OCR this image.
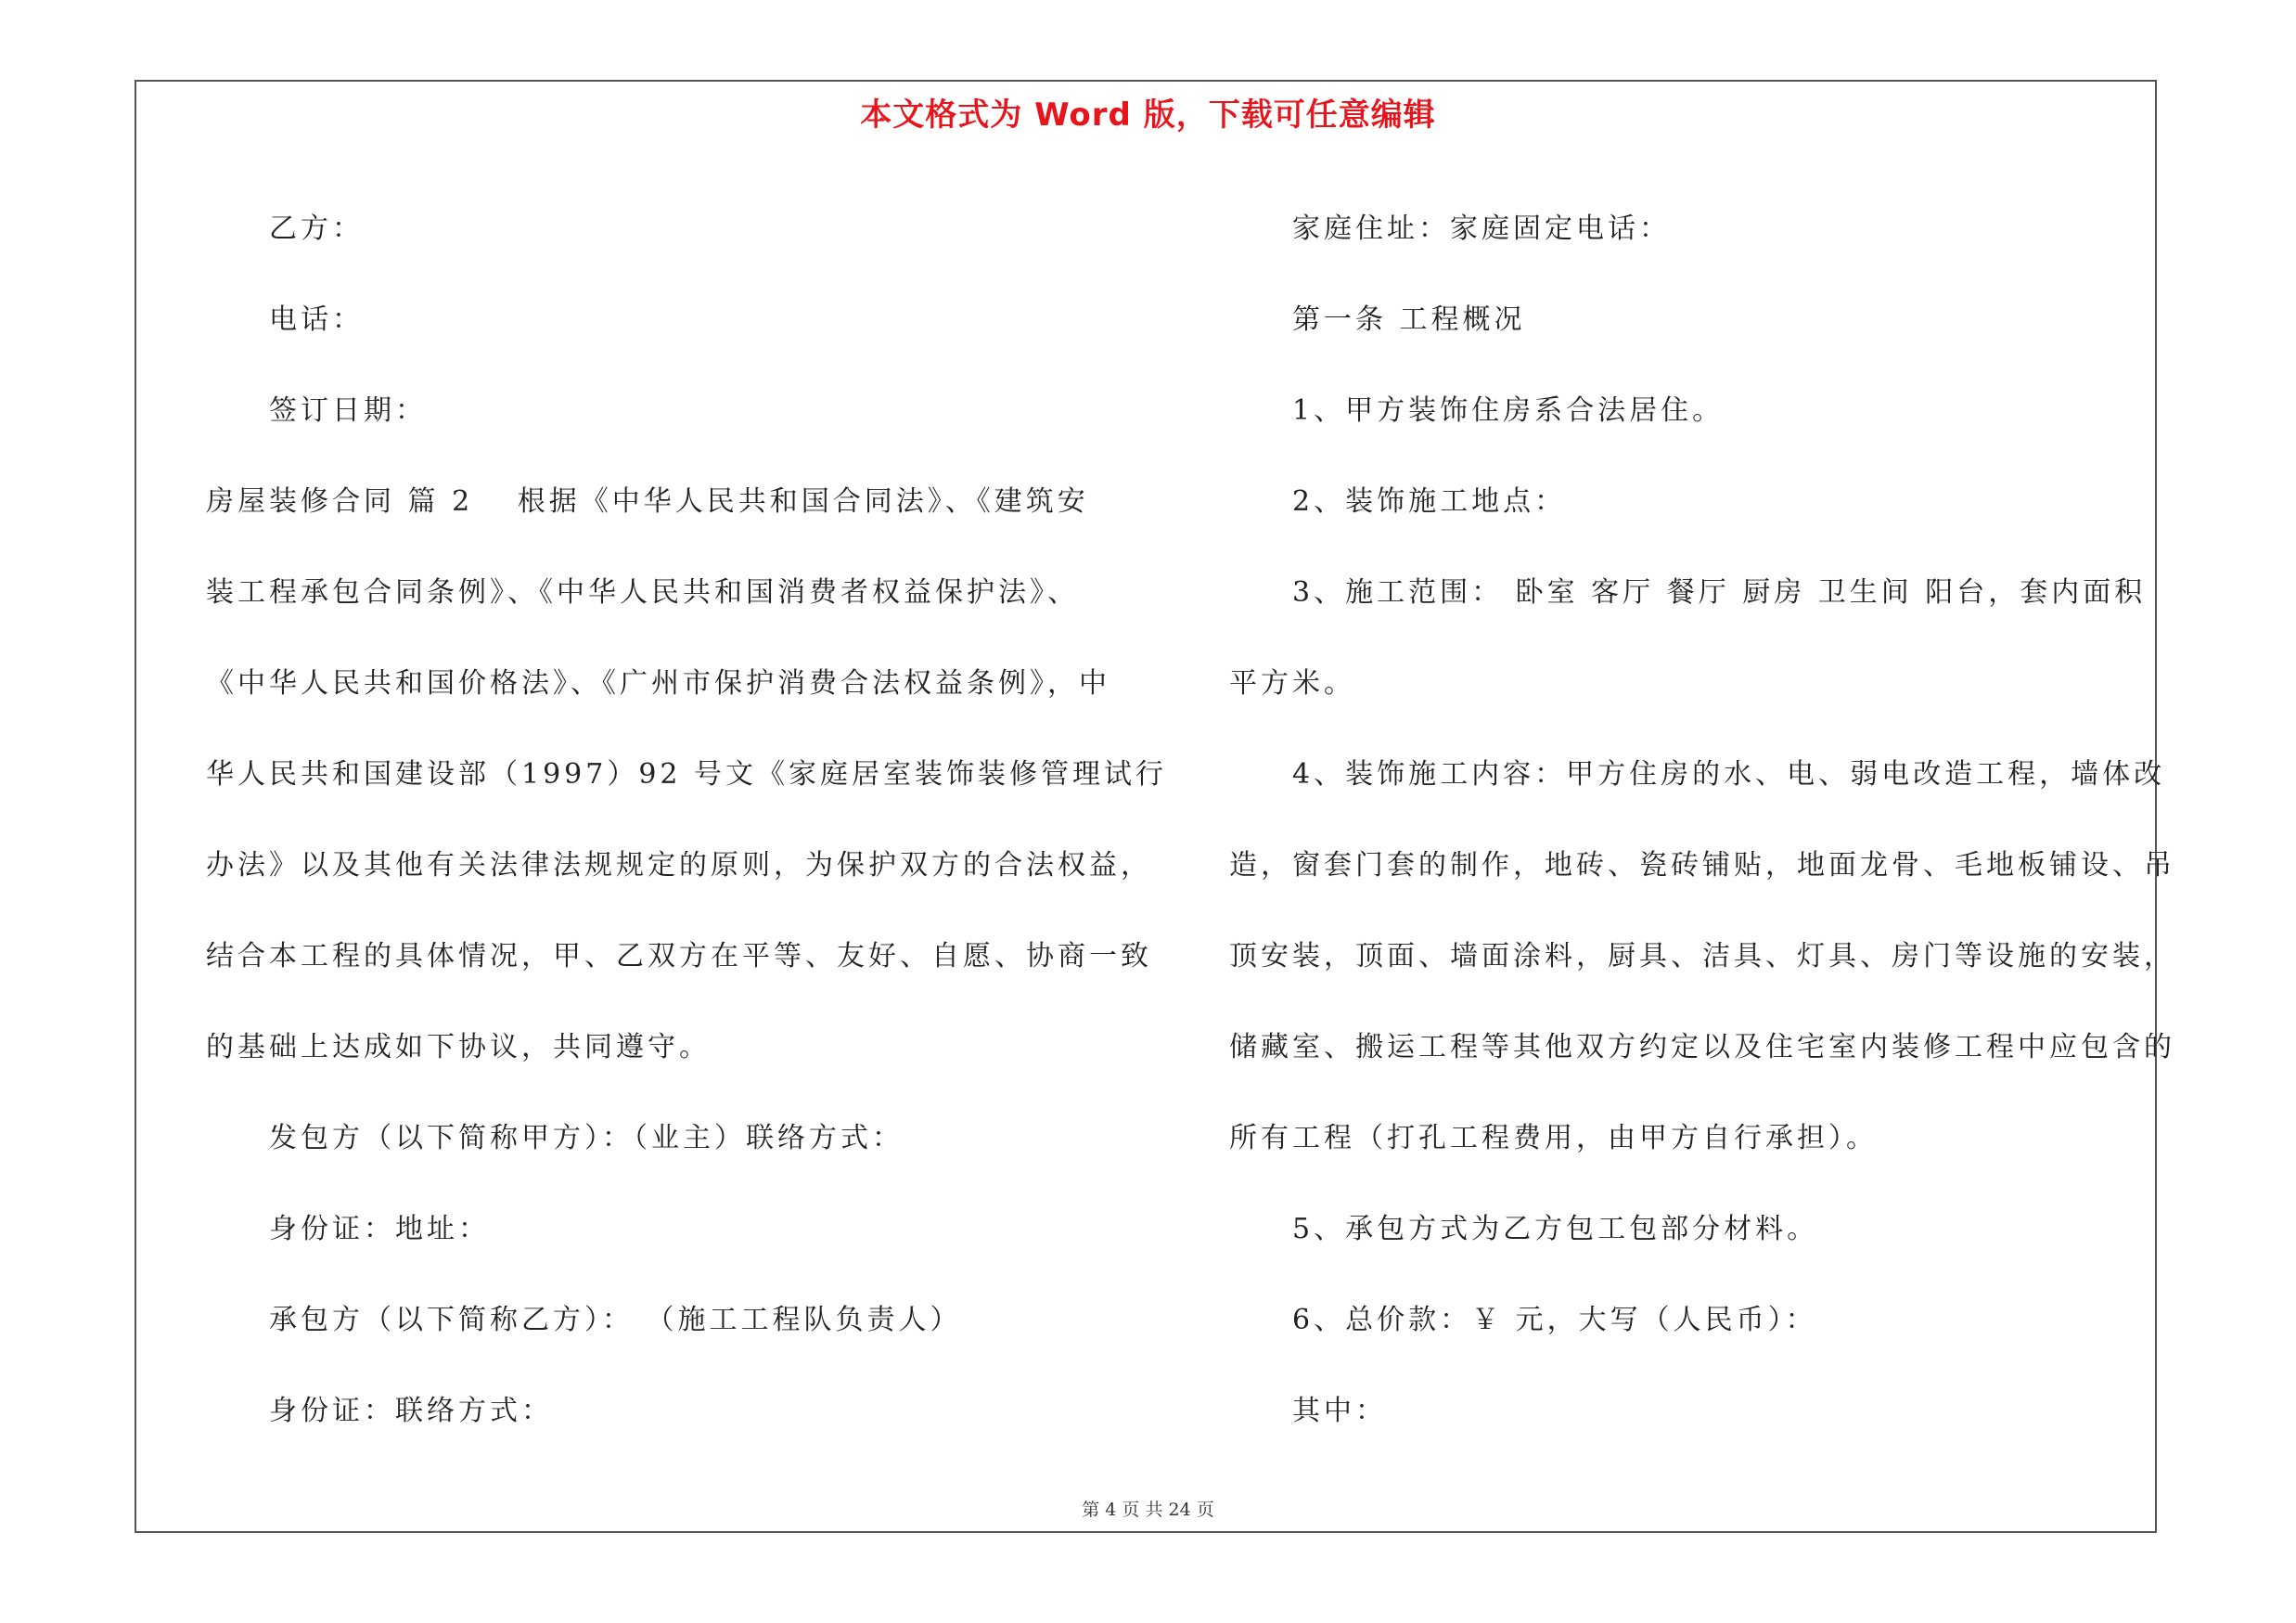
本文格式为 Word 版，下载可任意编辑
乙方：
电话：
签订日期：
房屋装修合同 篇 2 　根据《中华人民共和国合同法》、《建筑安
装工程承包合同条例》、《中华人民共和国消费者权益保护法》、
《中华人民共和国价格法》、《广州市保护消费合法权益条例》，中
华人民共和国建设部（1997）92 号文《家庭居室装饰装修管理试行
办法》以及其他有关法律法规规定的原则，为保护双方的合法权益，
结合本工程的具体情况，甲、乙双方在平等、友好、自愿、协商一致
的基础上达成如下协议，共同遵守。
发包方（以下简称甲方）：（业主）联络方式：
身份证：地址：
承包方（以下简称乙方）： （施工工程队负责人）
身份证：联络方式：
家庭住址：家庭固定电话：
第一条 工程概况
1、甲方装饰住房系合法居住。
2、装饰施工地点：
3、施工范围： 卧室 客厅 餐厅 厨房 卫生间 阳台，套内面积
平方米。
4、装饰施工内容：甲方住房的水、电、弱电改造工程，墙体改
造，窗套门套的制作，地砖、瓷砖铺贴，地面龙骨、毛地板铺设、吊
顶安装，顶面、墙面涂料，厨具、洁具、灯具、房门等设施的安装，
储藏室、搬运工程等其他双方约定以及住宅室内装修工程中应包含的
所有工程（打孔工程费用，由甲方自行承担）。
5、承包方式为乙方包工包部分材料。
6、总价款：￥ 元，大写（人民币）：
其中：
第 4 页 共 24 页
